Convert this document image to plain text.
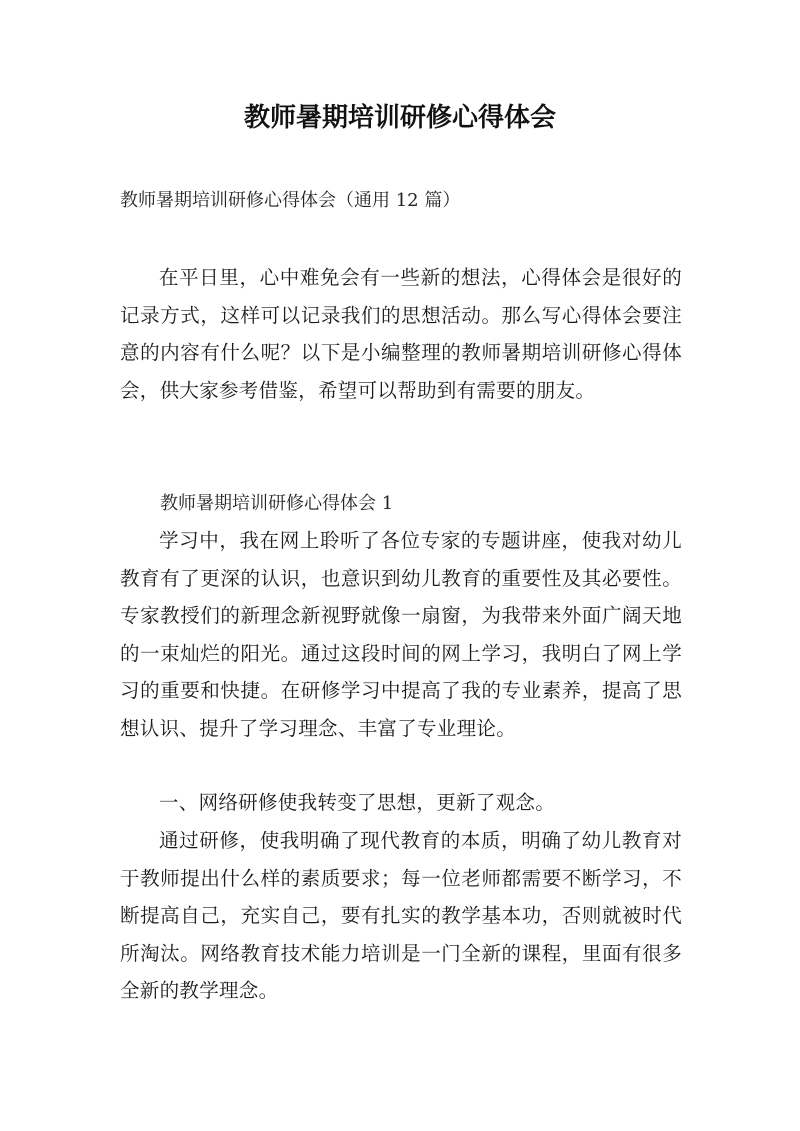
教师暑期培训研修心得体会
教师暑期培训研修心得体会（通用 12 篇）

在平日里，心中难免会有一些新的想法，心得体会是很好的记录方式，这样可以记录我们的思想活动。那么写心得体会要注意的内容有什么呢？以下是小编整理的教师暑期培训研修心得体会，供大家参考借鉴，希望可以帮助到有需要的朋友。

教师暑期培训研修心得体会 1

学习中，我在网上聆听了各位专家的专题讲座，使我对幼儿教育有了更深的认识，也意识到幼儿教育的重要性及其必要性。专家教授们的新理念新视野就像一扇窗，为我带来外面广阔天地的一束灿烂的阳光。通过这段时间的网上学习，我明白了网上学习的重要和快捷。在研修学习中提高了我的专业素养，提高了思想认识、提升了学习理念、丰富了专业理论。

一、网络研修使我转变了思想，更新了观念。

通过研修，使我明确了现代教育的本质，明确了幼儿教育对于教师提出什么样的素质要求；每一位老师都需要不断学习，不断提高自己，充实自己，要有扎实的教学基本功，否则就被时代所淘汰。网络教育技术能力培训是一门全新的课程，里面有很多全新的教学理念。
